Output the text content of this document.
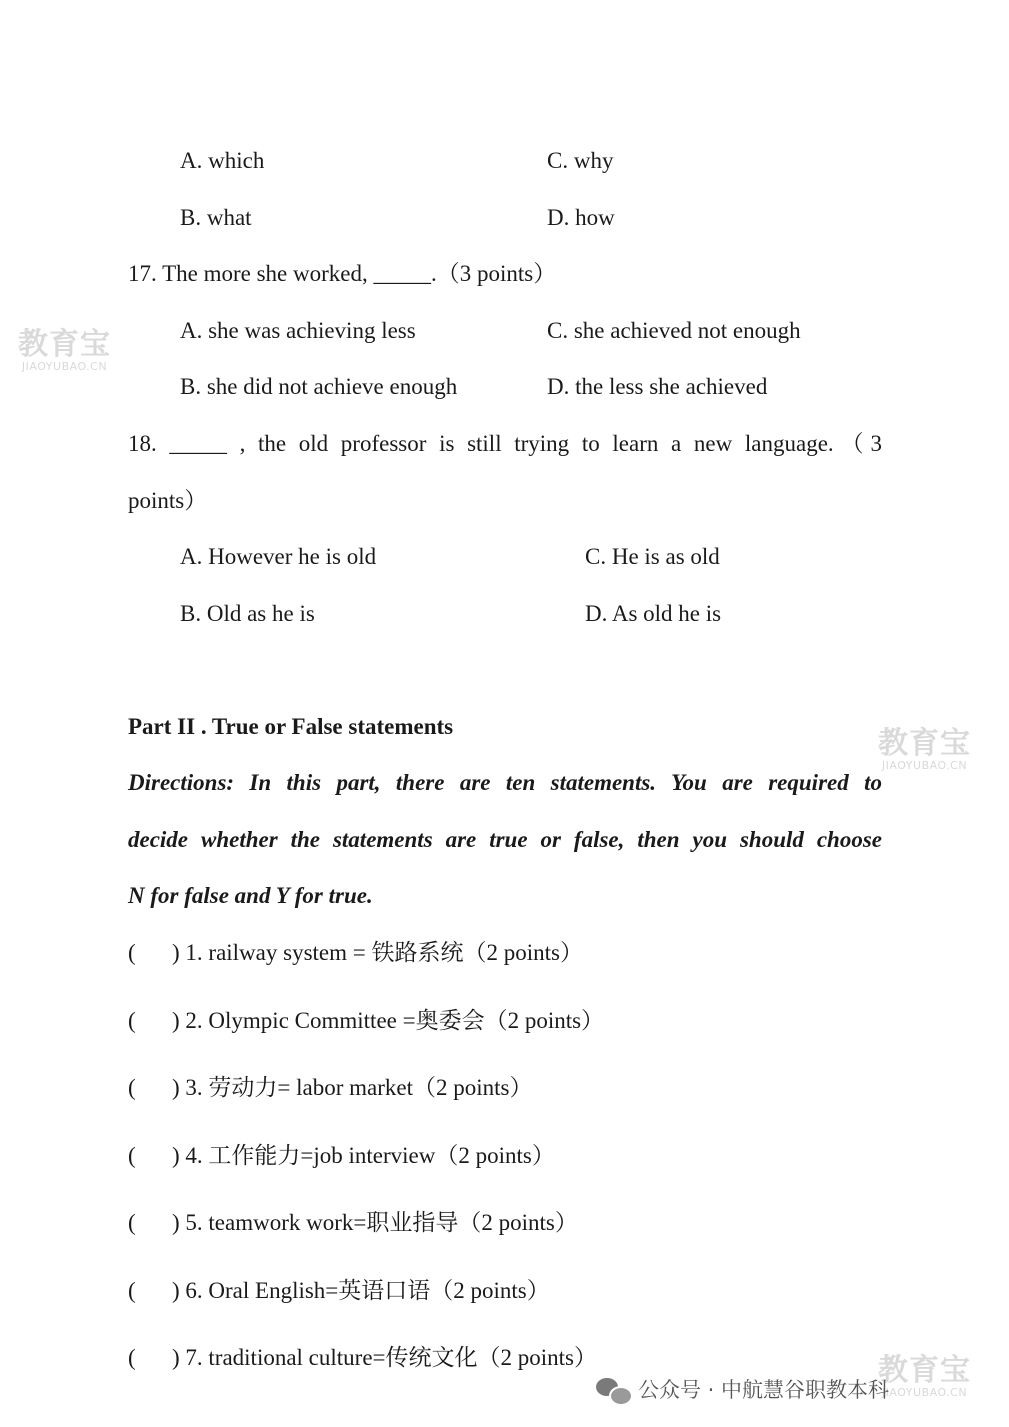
A. which	C. why
B. what	D. how
17. The more she worked, _____.（3 points）
A. she was achieving less	C. she achieved not enough
B. she did not achieve enough	D. the less she achieved
18. _____ , the old professor is still trying to learn a new language.（3
points）
A. However he is old	C. He is as old
B. Old as he is	D. As old he is
Part II . True or False statements
Directions: In this part, there are ten statements. You are required to
decide whether the statements are true or false, then you should choose
N for false and Y for true.
( ) 1. railway system = 铁路系统（2 points）
( ) 2. Olympic Committee =奥委会（2 points）
( ) 3. 劳动力= labor market（2 points）
( ) 4. 工作能力=job interview（2 points）
( ) 5. teamwork work=职业指导（2 points）
( ) 6. Oral English=英语口语（2 points）
( ) 7. traditional culture=传统文化（2 points）
教育宝
JIAOYUBAO.CN
教育宝
JIAOYUBAO.CN
教育宝
JIAOYUBAO.CN
公众号 · 中航慧谷职教本科
